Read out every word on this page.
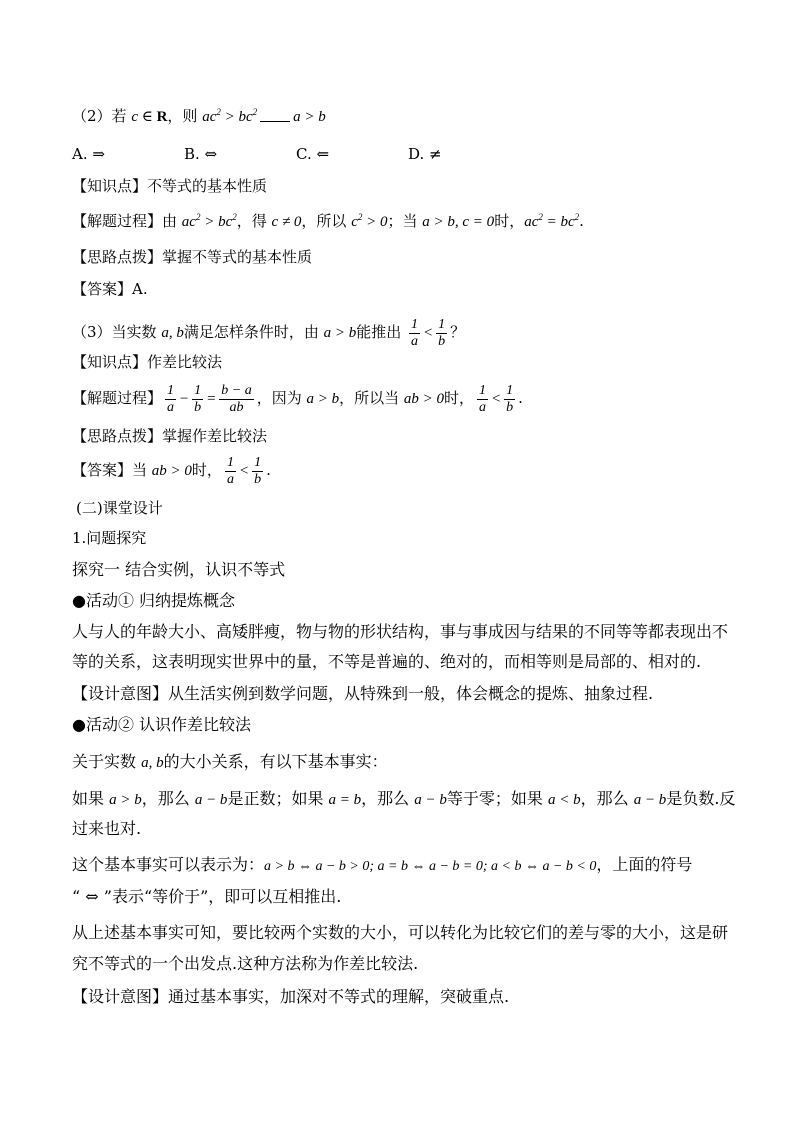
（2）若 c ∈ R，则 $ac^2 > bc^2$ a > b
A. ⇒	B. ⇔	C. ⇐	D. ≠
【知识点】不等式的基本性质
【解题过程】由 $ac^2 > bc^2$，得 c ≠ 0，所以 $c^2 > 0$；当 a > b, c = 0时，$ac^2 = bc^2$.
【思路点拨】掌握不等式的基本性质
【答案】A.
（3）当实数 a, b满足怎样条件时，由 a > b能推出 $\frac{1}{a} < \frac{1}{b}$ ？
【知识点】作差比较法
【解题过程】 $\frac{1}{a} - \frac{1}{b} = \frac{b - a}{ab}$ ，因为 a > b，所以当 ab > 0时， $\frac{1}{a} < \frac{1}{b}$ .
【思路点拨】掌握作差比较法
【答案】当 ab > 0时， $\frac{1}{a} < \frac{1}{b}$ .
(二)课堂设计
1.问题探究
探究一 结合实例，认识不等式
●活动① 归纳提炼概念
人与人的年龄大小、高矮胖瘦，物与物的形状结构，事与事成因与结果的不同等等都表现出不
等的关系，这表明现实世界中的量，不等是普遍的、绝对的，而相等则是局部的、相对的.
【设计意图】从生活实例到数学问题，从特殊到一般，体会概念的提炼、抽象过程.
●活动② 认识作差比较法
关于实数 a, b的大小关系，有以下基本事实：
如果 a > b，那么 a − b是正数；如果 a = b，那么 a − b等于零；如果 a < b，那么 a − b是负数.反
过来也对.
这个基本事实可以表示为：a > b ⇔ a − b > 0; a = b ⇔ a − b = 0; a < b ⇔ a − b < 0，上面的符号
“ ⇔ ”表示“等价于”，即可以互相推出.
从上述基本事实可知，要比较两个实数的大小，可以转化为比较它们的差与零的大小，这是研
究不等式的一个出发点.这种方法称为作差比较法.
【设计意图】通过基本事实，加深对不等式的理解，突破重点.
